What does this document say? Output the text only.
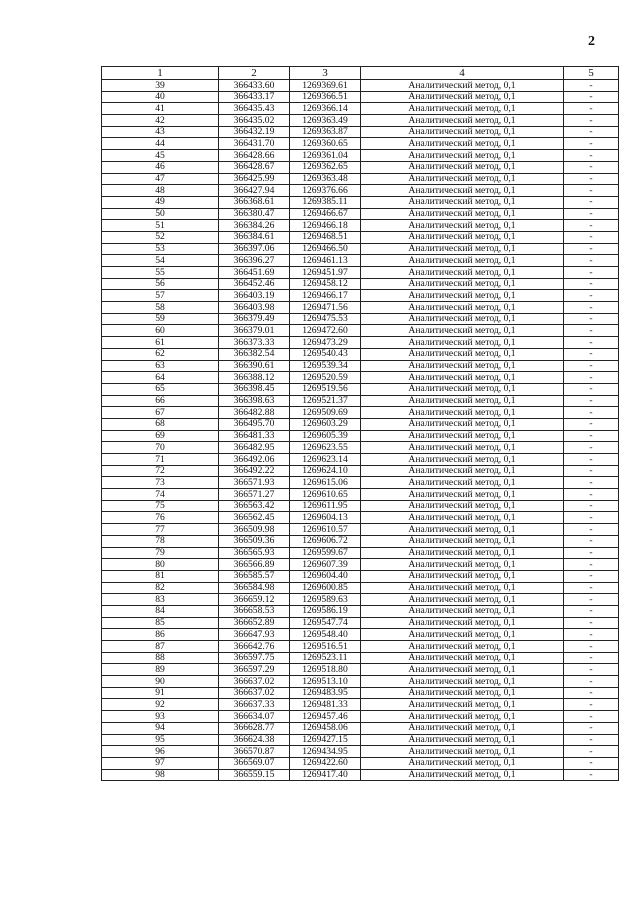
2
1	2	3	4	5
39	366433.60	1269369.61	Аналитический метод, 0,1	-
40	366433.17	1269366.51	Аналитический метод, 0,1	-
41	366435.43	1269366.14	Аналитический метод, 0,1	-
42	366435.02	1269363.49	Аналитический метод, 0,1	-
43	366432.19	1269363.87	Аналитический метод, 0,1	-
44	366431.70	1269360.65	Аналитический метод, 0,1	-
45	366428.66	1269361.04	Аналитический метод, 0,1	-
46	366428.67	1269362.65	Аналитический метод, 0,1	-
47	366425.99	1269363.48	Аналитический метод, 0,1	-
48	366427.94	1269376.66	Аналитический метод, 0,1	-
49	366368.61	1269385.11	Аналитический метод, 0,1	-
50	366380.47	1269466.67	Аналитический метод, 0,1	-
51	366384.26	1269466.18	Аналитический метод, 0,1	-
52	366384.61	1269468.51	Аналитический метод, 0,1	-
53	366397.06	1269466.50	Аналитический метод, 0,1	-
54	366396.27	1269461.13	Аналитический метод, 0,1	-
55	366451.69	1269451.97	Аналитический метод, 0,1	-
56	366452.46	1269458.12	Аналитический метод, 0,1	-
57	366403.19	1269466.17	Аналитический метод, 0,1	-
58	366403.98	1269471.56	Аналитический метод, 0,1	-
59	366379.49	1269475.53	Аналитический метод, 0,1	-
60	366379.01	1269472.60	Аналитический метод, 0,1	-
61	366373.33	1269473.29	Аналитический метод, 0,1	-
62	366382.54	1269540.43	Аналитический метод, 0,1	-
63	366390.61	1269539.34	Аналитический метод, 0,1	-
64	366388.12	1269520.59	Аналитический метод, 0,1	-
65	366398.45	1269519.56	Аналитический метод, 0,1	-
66	366398.63	1269521.37	Аналитический метод, 0,1	-
67	366482.88	1269509.69	Аналитический метод, 0,1	-
68	366495.70	1269603.29	Аналитический метод, 0,1	-
69	366481.33	1269605.39	Аналитический метод, 0,1	-
70	366482.95	1269623.55	Аналитический метод, 0,1	-
71	366492.06	1269623.14	Аналитический метод, 0,1	-
72	366492.22	1269624.10	Аналитический метод, 0,1	-
73	366571.93	1269615.06	Аналитический метод, 0,1	-
74	366571.27	1269610.65	Аналитический метод, 0,1	-
75	366563.42	1269611.95	Аналитический метод, 0,1	-
76	366562.45	1269604.13	Аналитический метод, 0,1	-
77	366509.98	1269610.57	Аналитический метод, 0,1	-
78	366509.36	1269606.72	Аналитический метод, 0,1	-
79	366565.93	1269599.67	Аналитический метод, 0,1	-
80	366566.89	1269607.39	Аналитический метод, 0,1	-
81	366585.57	1269604.40	Аналитический метод, 0,1	-
82	366584.98	1269600.85	Аналитический метод, 0,1	-
83	366659.12	1269589.63	Аналитический метод, 0,1	-
84	366658.53	1269586.19	Аналитический метод, 0,1	-
85	366652.89	1269547.74	Аналитический метод, 0,1	-
86	366647.93	1269548.40	Аналитический метод, 0,1	-
87	366642.76	1269516.51	Аналитический метод, 0,1	-
88	366597.75	1269523.11	Аналитический метод, 0,1	-
89	366597.29	1269518.80	Аналитический метод, 0,1	-
90	366637.02	1269513.10	Аналитический метод, 0,1	-
91	366637.02	1269483.95	Аналитический метод, 0,1	-
92	366637.33	1269481.33	Аналитический метод, 0,1	-
93	366634.07	1269457.46	Аналитический метод, 0,1	-
94	366628.77	1269458.06	Аналитический метод, 0,1	-
95	366624.38	1269427.15	Аналитический метод, 0,1	-
96	366570.87	1269434.95	Аналитический метод, 0,1	-
97	366569.07	1269422.60	Аналитический метод, 0,1	-
98	366559.15	1269417.40	Аналитический метод, 0,1	-
